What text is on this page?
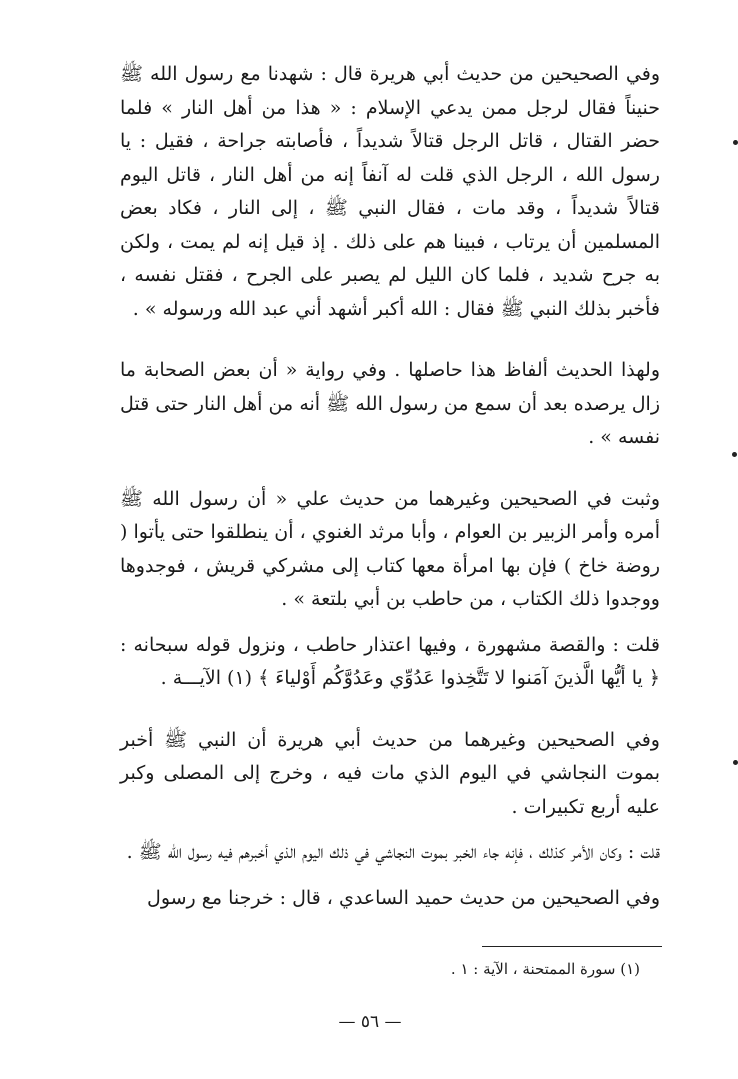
وفي الصحيحين من حديث أبي هريرة قال : شهدنا مع رسول الله ﷺ حنيناً فقال لرجل ممن يدعي الإسلام : « هذا من أهل النار » فلما حضر القتال ، قاتل الرجل قتالاً شديداً ، فأصابته جراحة ، فقيل : يا رسول الله ، الرجل الذي قلت له آنفاً إنه من أهل النار ، قاتل اليوم قتالاً شديداً ، وقد مات ، فقال النبي ﷺ ، إلى النار ، فكاد بعض المسلمين أن يرتاب ، فبينا هم على ذلك . إذ قيل إنه لم يمت ، ولكن به جرح شديد ، فلما كان الليل لم يصبر على الجرح ، فقتل نفسه ، فأخبر بذلك النبي ﷺ فقال : الله أكبر أشهد أني عبد الله ورسوله » .

ولهذا الحديث ألفاظ هذا حاصلها . وفي رواية « أن بعض الصحابة ما زال يرصده بعد أن سمع من رسول الله ﷺ أنه من أهل النار حتى قتل نفسه » .

وثبت في الصحيحين وغيرهما من حديث علي « أن رسول الله ﷺ أمره وأمر الزبير بن العوام ، وأبا مرثد الغنوي ، أن ينطلقوا حتى يأتوا ( روضة خاخ ) فإن بها امرأة معها كتاب إلى مشركي قريش ، فوجدوها ووجدوا ذلك الكتاب ، من حاطب بن أبي بلتعة » .

قلت : والقصة مشهورة ، وفيها اعتذار حاطب ، ونزول قوله سبحانه : ﴿ يا أيُّها الَّذينَ آمَنوا لا تَتَّخِذوا عَدُوِّي وعَدُوَّكُم أَوْلياءَ ﴾ (١) الآيـــة .

وفي الصحيحين وغيرهما من حديث أبي هريرة أن النبي ﷺ أخبر بموت النجاشي في اليوم الذي مات فيه ، وخرج إلى المصلى وكبر عليه أربع تكبيرات .

قلت : وكان الأمر كذلك ، فإنه جاء الخبر بموت النجاشي في ذلك اليوم الذي أخبرهم فيه رسول الله ﷺ .

وفي الصحيحين من حديث حميد الساعدي ، قال : خرجنا مع رسول

(١) سورة الممتحنة ، الآية : ١ .
— ٥٦ —
